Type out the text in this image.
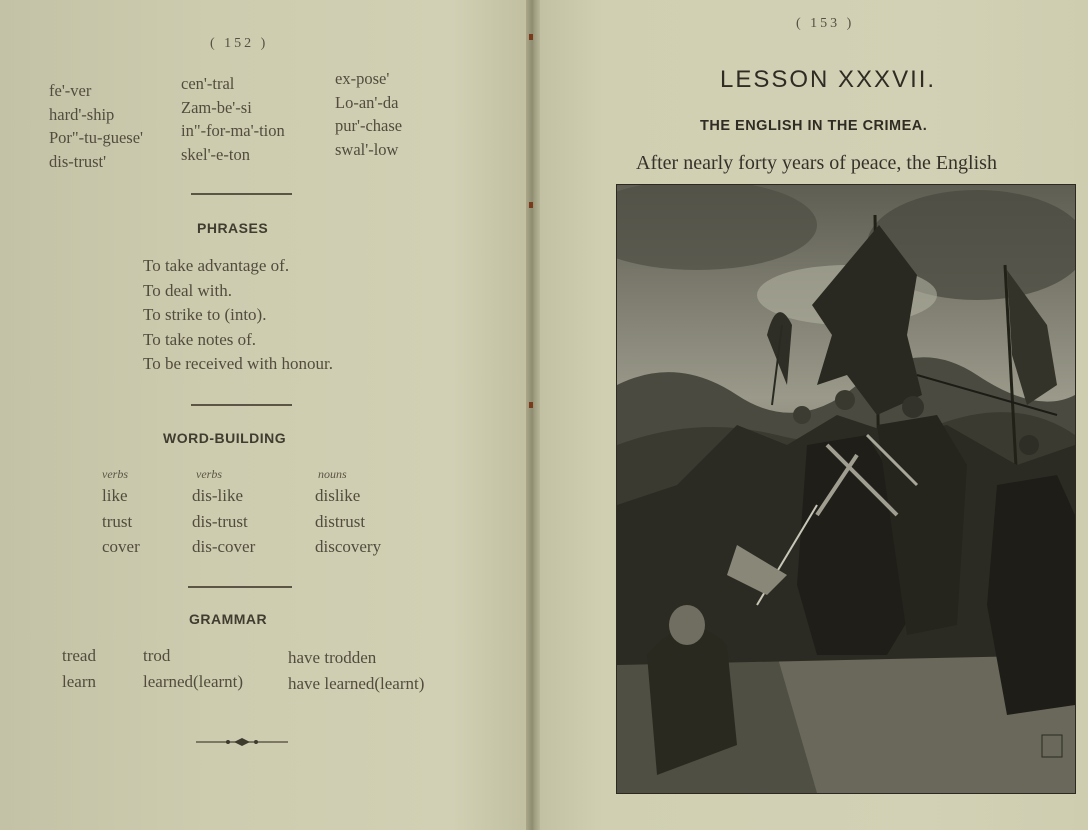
( 152 )
fe'-ver
hard'-ship
Por"-tu-guese'
dis-trust'
cen'-tral
Zam-be'-si
in"-for-ma'-tion
skel'-e-ton
ex-pose'
Lo-an'-da
pur'-chase
swal'-low
PHRASES
To take advantage of.
To deal with.
To strike to (into).
To take notes of.
To be received with honour.
WORD-BUILDING
verbs	verbs	nouns
like
trust
cover
dis-like
dis-trust
dis-cover
dislike
distrust
discovery
GRAMMAR
tread
learn
trod
learned(learnt)
have trodden
have learned(learnt)
( 153 )
LESSON XXXVII.
THE ENGLISH IN THE CRIMEA.
After nearly forty years of peace, the English
